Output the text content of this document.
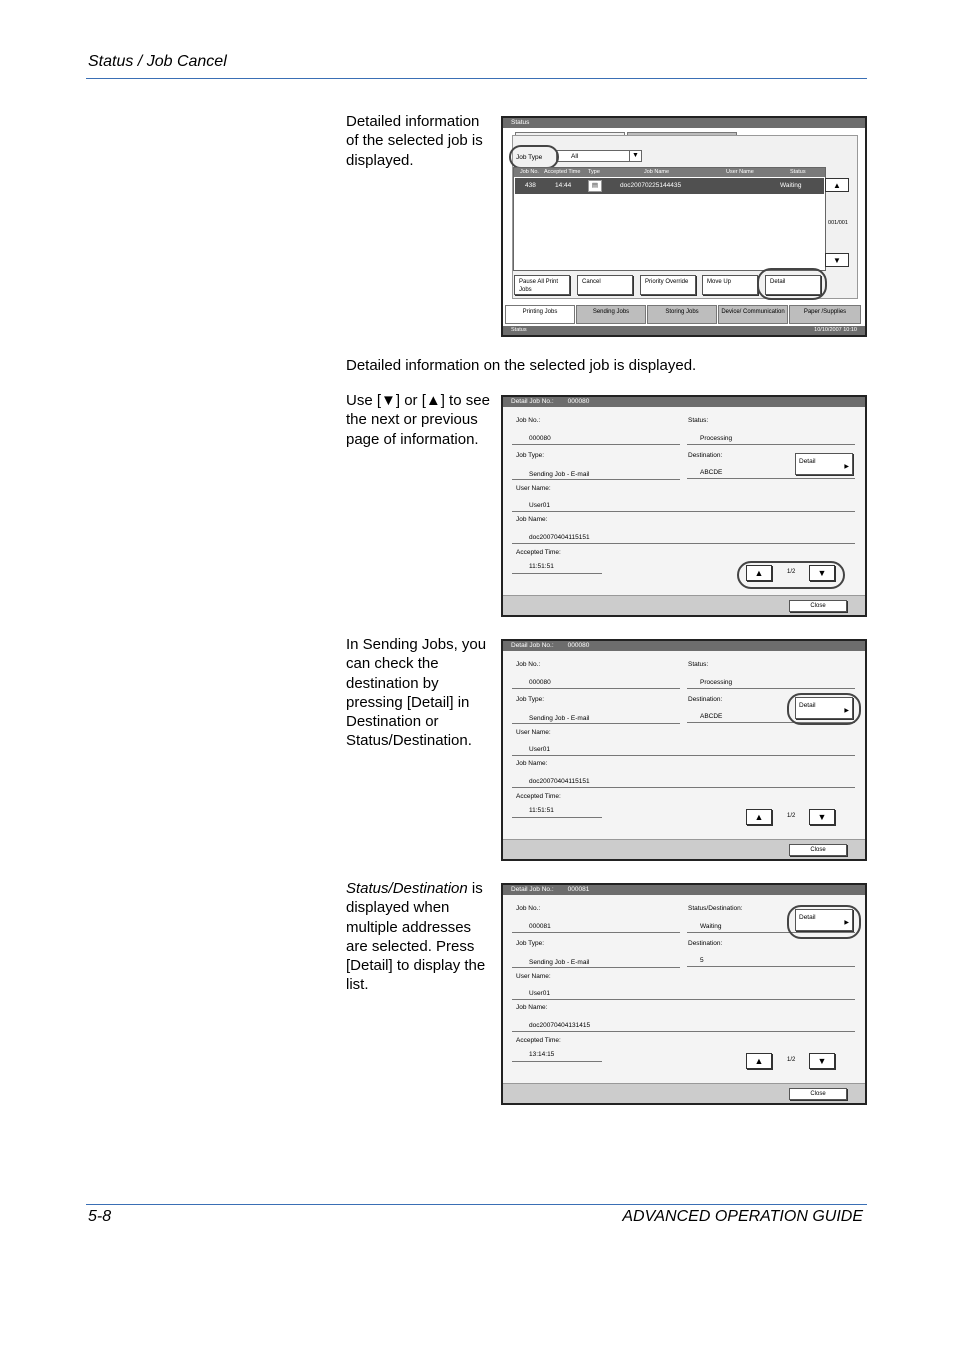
Status / Job Cancel
Detailed information of the selected job is displayed.
Status
Job Type	All	▼
Job No. Accepted Time Type	Job Name	User Name	Status
438	14:44	▤	doc20070225144435	Waiting	▲
001/001
▼
Pause All Print Jobs
Cancel	Priority Override	Move Up	Detail
Printing Jobs	Sending Jobs	Storing Jobs	Device/ Communication	Paper /Supplies
Status	10/10/2007 10:10
Detailed information on the selected job is displayed.
Use [▼] or [▲] to see the next or previous page of information.
Detail Job No.: 000080
Job No.:
000080
Status:
Processing
Job Type:
Sending Job - E-mail
Destination:
ABCDE
User Name:
User01
Job Name:
doc20070404115151
Accepted Time:
11:51:51
Detail
▶
▲	1/2	▼
Close
In Sending Jobs, you can check the destination by pressing [Detail] in Destination or Status/Destination.
Detail Job No.: 000080
Job No.:
000080
Status:
Processing
Job Type:
Sending Job - E-mail
Destination:
ABCDE
User Name:
User01
Job Name:
doc20070404115151
Accepted Time:
11:51:51
Detail
▶
▲	1/2	▼
Close
Status/Destination is displayed when multiple addresses are selected. Press [Detail] to display the list.
Detail Job No.: 000081
Job No.:
000081
Status/Destination:
Waiting
Job Type:
Sending Job - E-mail
Destination:
5
User Name:
User01
Job Name:
doc20070404131415
Accepted Time:
13:14:15
Detail
▶
▲	1/2	▼
Close
5-8	ADVANCED OPERATION GUIDE
